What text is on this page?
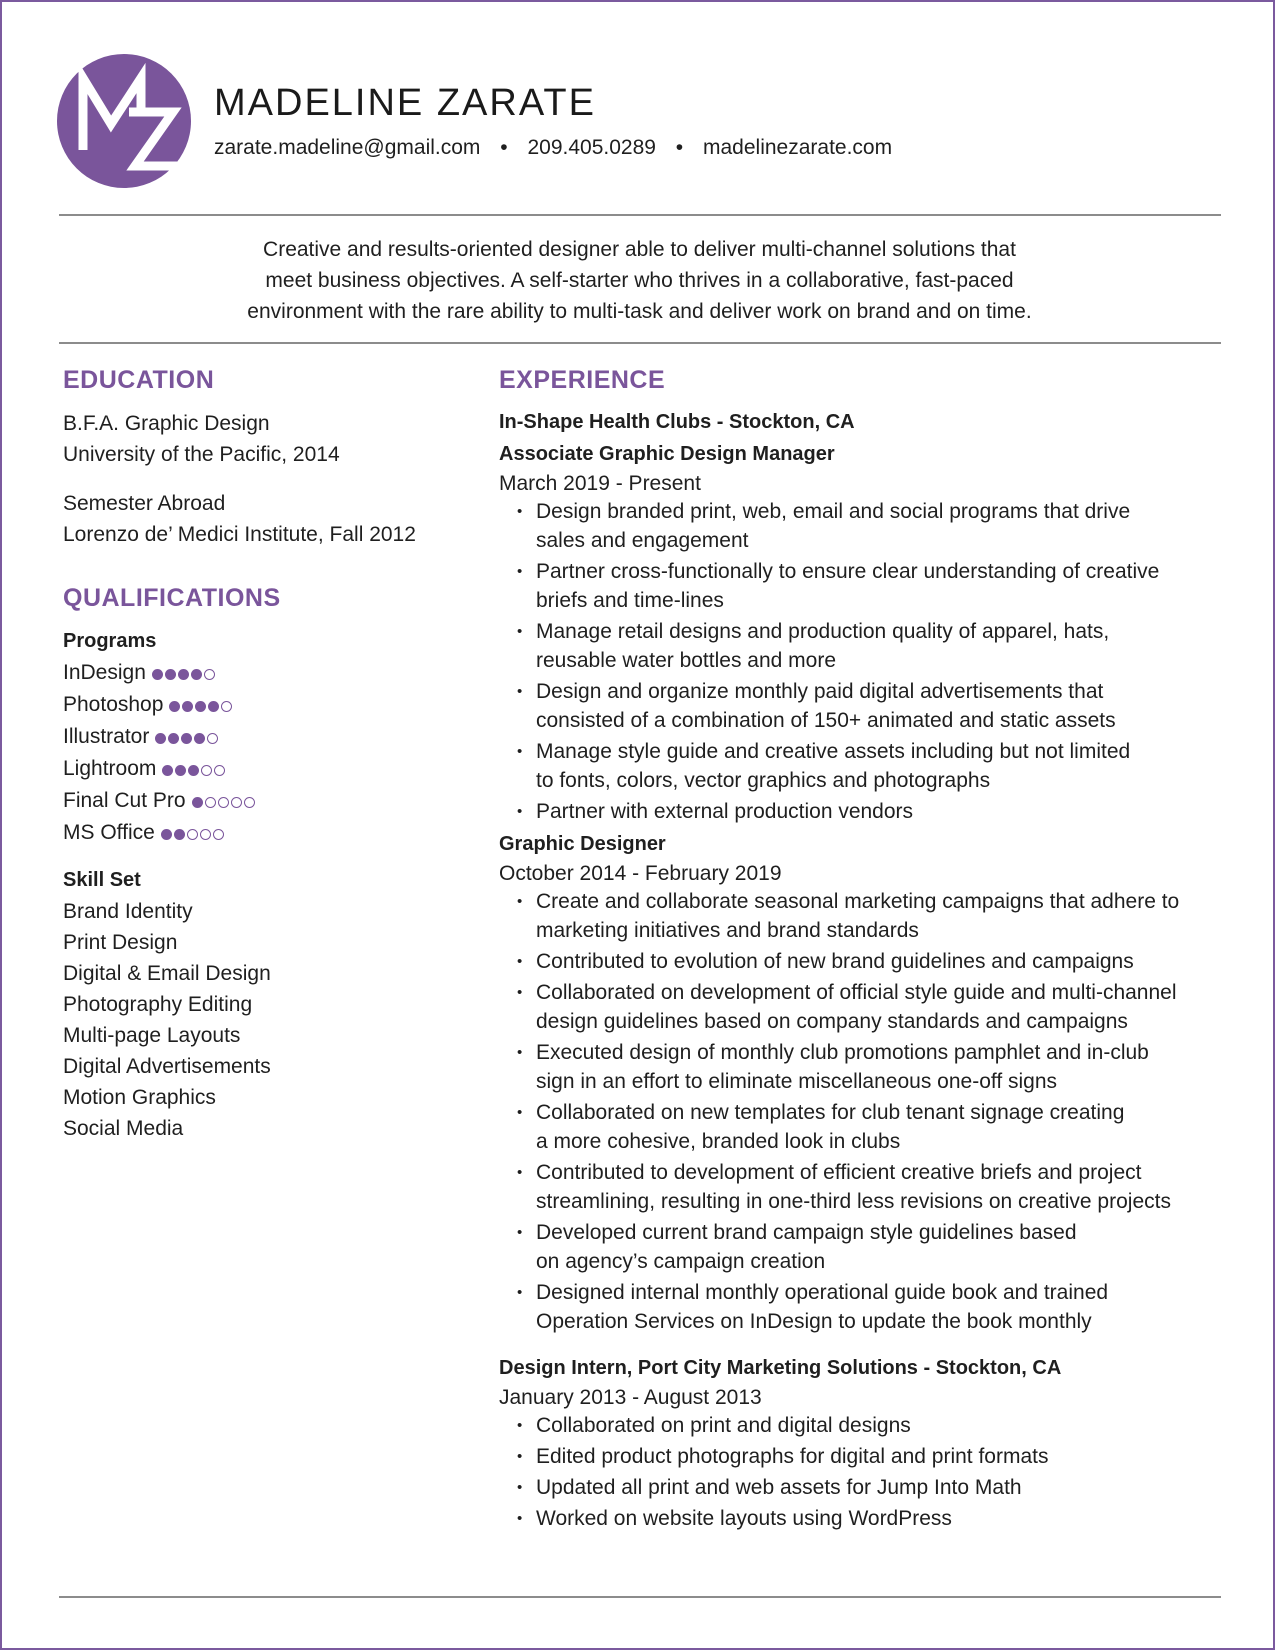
MADELINE ZARATE
zarate.madeline@gmail.com • 209.405.0289 • madelinezarate.com
Creative and results-oriented designer able to deliver multi-channel solutions that
meet business objectives. A self-starter who thrives in a collaborative, fast-paced
environment with the rare ability to multi-task and deliver work on brand and on time.
EDUCATION
B.F.A. Graphic Design
University of the Pacific, 2014
Semester Abroad
Lorenzo de’ Medici Institute, Fall 2012
QUALIFICATIONS
Programs
InDesign
Photoshop
Illustrator
Lightroom
Final Cut Pro
MS Office
Skill Set
Brand Identity
Print Design
Digital & Email Design
Photography Editing
Multi-page Layouts
Digital Advertisements
Motion Graphics
Social Media
EXPERIENCE
In-Shape Health Clubs - Stockton, CA
Associate Graphic Design Manager
March 2019 - Present
• Design branded print, web, email and social programs that drive
sales and engagement
• Partner cross-functionally to ensure clear understanding of creative
briefs and time-lines
• Manage retail designs and production quality of apparel, hats,
reusable water bottles and more
• Design and organize monthly paid digital advertisements that
consisted of a combination of 150+ animated and static assets
• Manage style guide and creative assets including but not limited
to fonts, colors, vector graphics and photographs
• Partner with external production vendors
Graphic Designer
October 2014 - February 2019
• Create and collaborate seasonal marketing campaigns that adhere to
marketing initiatives and brand standards
• Contributed to evolution of new brand guidelines and campaigns
• Collaborated on development of official style guide and multi-channel
design guidelines based on company standards and campaigns
• Executed design of monthly club promotions pamphlet and in-club
sign in an effort to eliminate miscellaneous one-off signs
• Collaborated on new templates for club tenant signage creating
a more cohesive, branded look in clubs
• Contributed to development of efficient creative briefs and project
streamlining, resulting in one-third less revisions on creative projects
• Developed current brand campaign style guidelines based
on agency’s campaign creation
• Designed internal monthly operational guide book and trained
Operation Services on InDesign to update the book monthly
Design Intern, Port City Marketing Solutions - Stockton, CA
January 2013 - August 2013
• Collaborated on print and digital designs
• Edited product photographs for digital and print formats
• Updated all print and web assets for Jump Into Math
• Worked on website layouts using WordPress
